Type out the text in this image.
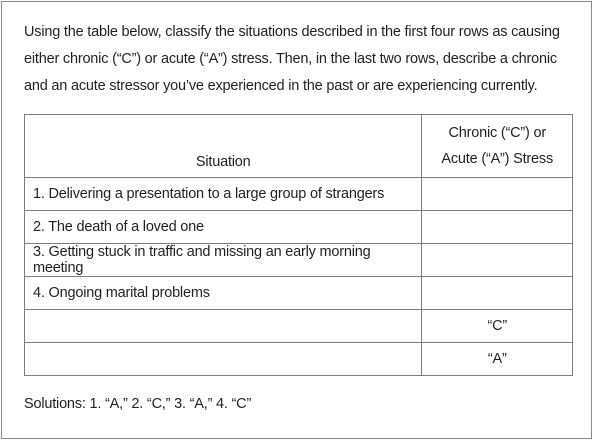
Using the table below, classify the situations described in the first four rows as causing either chronic (“C”) or acute (“A”) stress. Then, in the last two rows, describe a chronic and an acute stressor you’ve experienced in the past or are experiencing currently.

Situation	Chronic (“C”) or
Acute (“A”) Stress
1. Delivering a presentation to a large group of strangers	
2. The death of a loved one	
3. Getting stuck in traffic and missing an early morning meeting	
4. Ongoing marital problems	
	“C”
	“A”

Solutions: 1. “A,” 2. “C,” 3. “A,” 4. “C”
